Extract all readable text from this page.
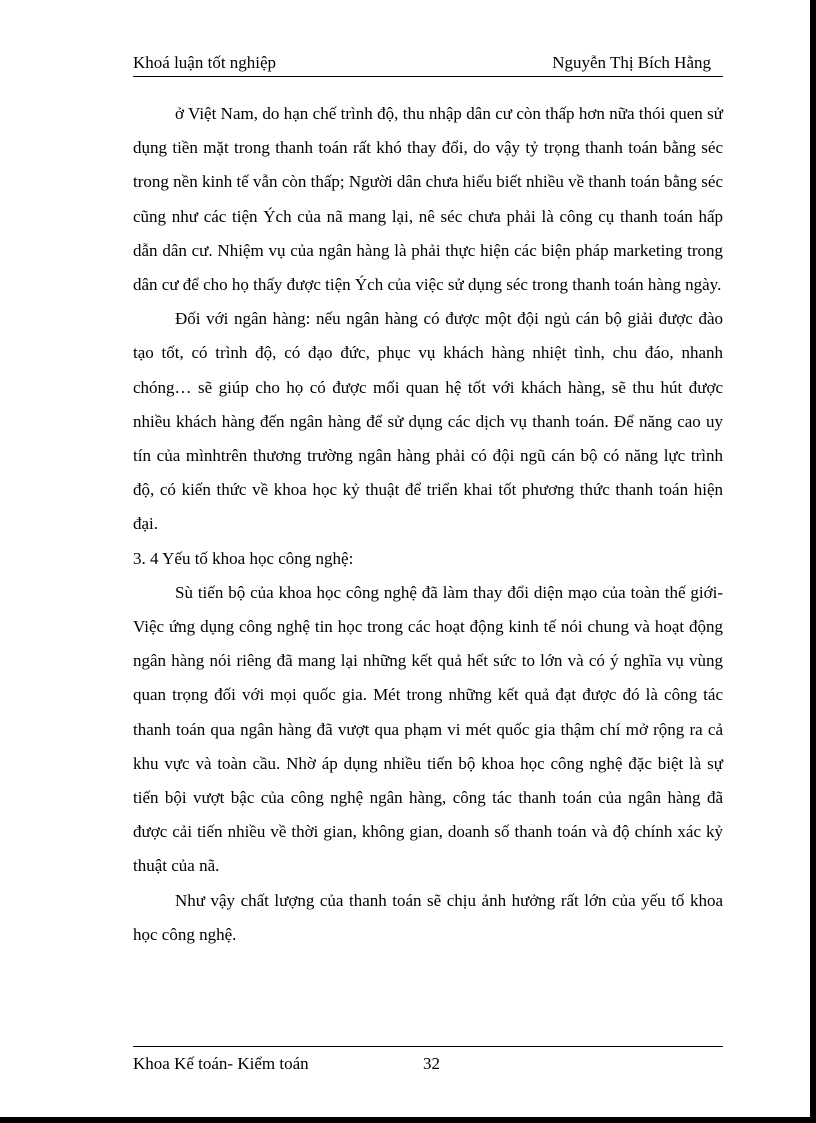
Khoá luận tốt nghiệp	Nguyễn Thị Bích Hằng

ở Việt Nam, do hạn chế trình độ, thu nhập dân cư còn thấp hơn nữa thói quen sử dụng tiền mặt trong thanh toán rất khó thay đổi, do vậy tỷ trọng thanh toán bằng séc trong nền kinh tế vẫn còn thấp; Người dân chưa hiểu biết nhiều về thanh toán bằng séc cũng như các tiện Ých của nã mang lại, nê séc chưa phải là công cụ thanh toán hấp dẫn dân cư. Nhiệm vụ của ngân hàng là phải thực hiện các biện pháp marketing trong dân cư để cho họ thấy được tiện Ých của việc sử dụng séc trong thanh toán hàng ngày.

Đối với ngân hàng: nếu ngân hàng có được một đội ngủ cán bộ giải được đào tạo tốt, có trình độ, có đạo đức, phục vụ khách hàng nhiệt tình, chu đáo, nhanh chóng… sẽ giúp cho họ có được mối quan hệ tốt với khách hàng, sẽ thu hút được nhiều khách hàng đến ngân hàng để sử dụng các dịch vụ thanh toán. Để năng cao uy tín của mìnhtrên thương trường ngân hàng phải có đội ngũ cán bộ có năng lực trình độ, có kiến thức về khoa học kỷ thuật để triển khai tốt phương thức thanh toán hiện đại.

3. 4 Yếu tố khoa học công nghệ:

Sù tiến bộ của khoa học công nghệ đã làm thay đổi diện mạo của toàn thế giới- Việc ứng dụng công nghệ tin học trong các hoạt động kinh tế nói chung và hoạt động ngân hàng nói riêng đã mang lại những kết quả hết sức to lớn và có ý nghĩa vụ vùng quan trọng đối với mọi quốc gia. Mét trong những kết quả đạt được đó là công tác thanh toán qua ngân hàng đã vượt qua phạm vi mét quốc gia thậm chí mở rộng ra cả khu vực và toàn cầu. Nhờ áp dụng nhiều tiến bộ khoa học công nghệ đặc biệt là sự tiến bội vượt bậc của công nghệ ngân hàng, công tác thanh toán của ngân hàng đã được cải tiến nhiều về thời gian, không gian, doanh số thanh toán và độ chính xác kỷ thuật của nã.

Như vậy chất lượng của thanh toán sẽ chịu ảnh hưởng rất lớn của yếu tố khoa học công nghệ.

Khoa Kế toán- Kiểm toán	32
